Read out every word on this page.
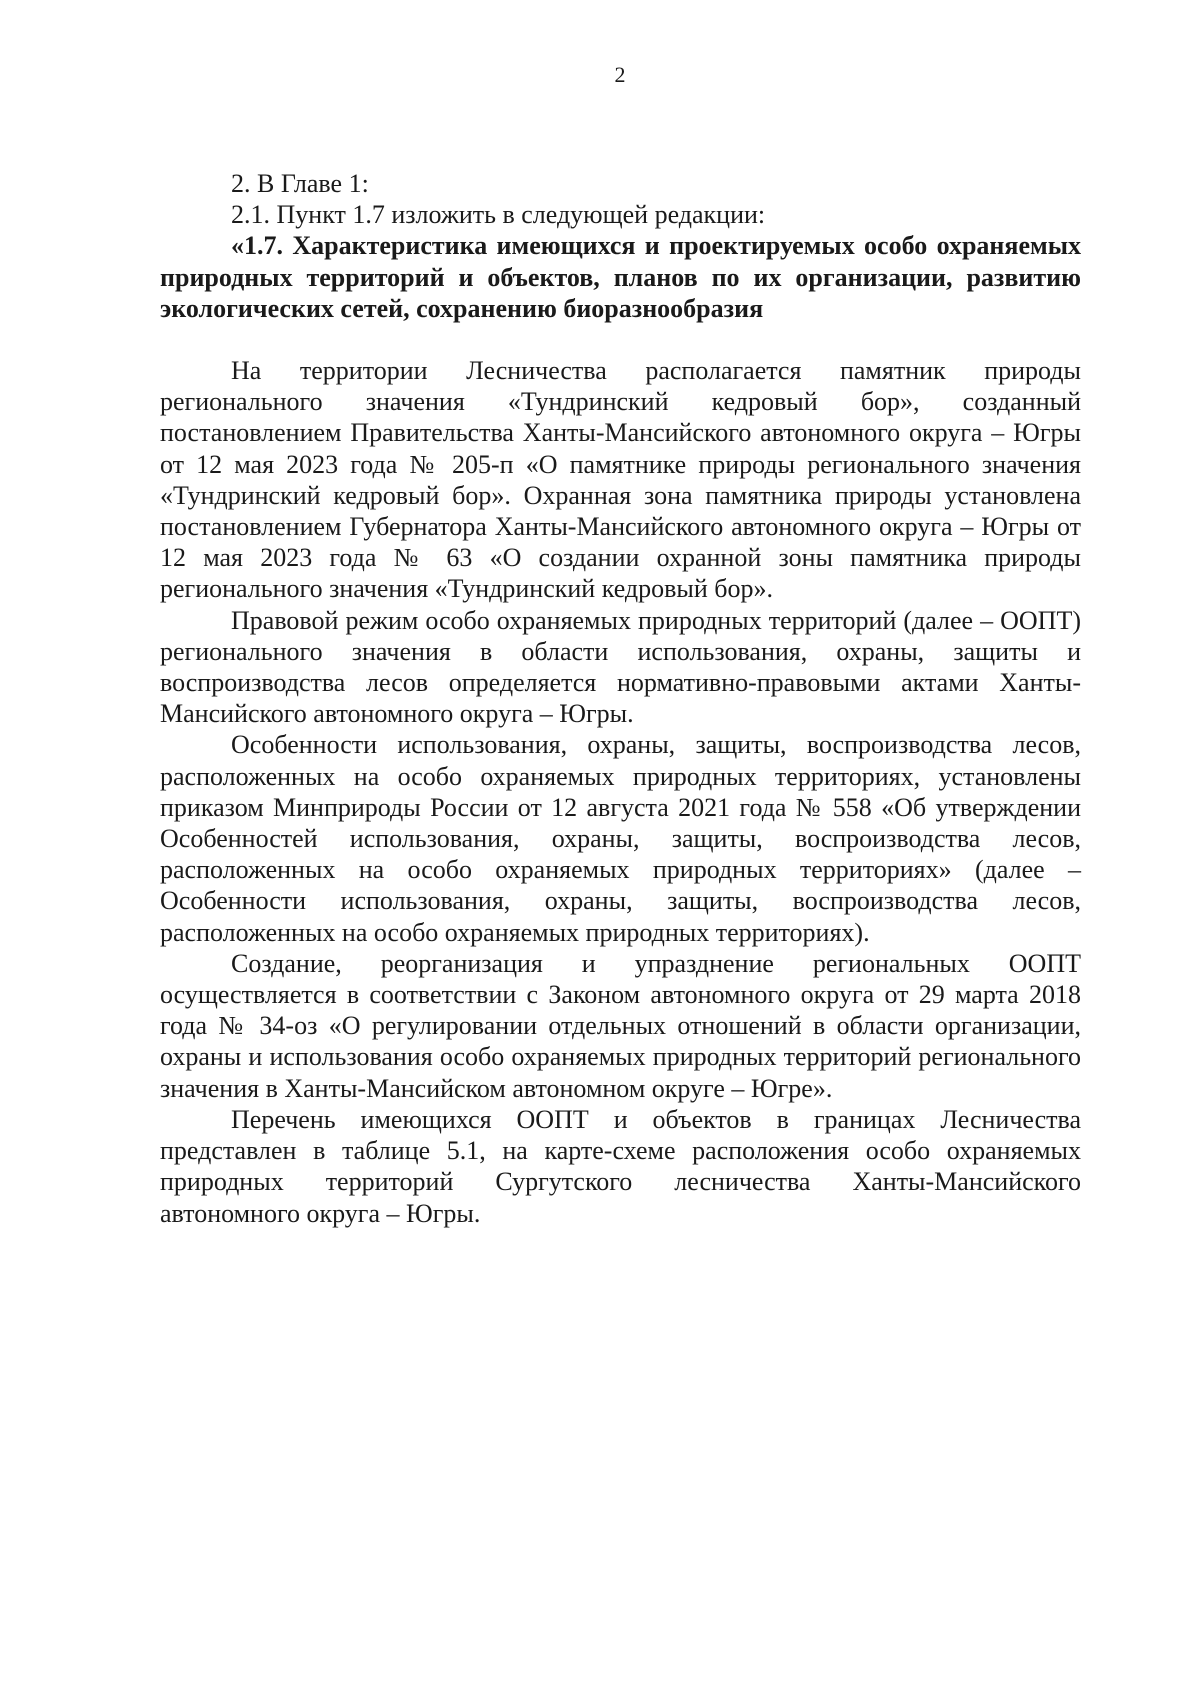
2

2. В Главе 1:

2.1. Пункт 1.7 изложить в следующей редакции:

«1.7. Характеристика имеющихся и проектируемых особо охраняемых природных территорий и объектов, планов по их организации, развитию экологических сетей, сохранению биоразнообразия

На территории Лесничества располагается памятник природы регионального значения «Тундринский кедровый бор», созданный постановлением Правительства Ханты-Мансийского автономного округа – Югры от 12 мая 2023 года № 205-п «О памятнике природы регионального значения «Тундринский кедровый бор». Охранная зона памятника природы установлена постановлением Губернатора Ханты-Мансийского автономного округа – Югры от 12 мая 2023 года № 63 «О создании охранной зоны памятника природы регионального значения «Тундринский кедровый бор».

Правовой режим особо охраняемых природных территорий (далее – ООПТ) регионального значения в области использования, охраны, защиты и воспроизводства лесов определяется нормативно-правовыми актами Ханты-Мансийского автономного округа – Югры.

Особенности использования, охраны, защиты, воспроизводства лесов, расположенных на особо охраняемых природных территориях, установлены приказом Минприроды России от 12 августа 2021 года № 558 «Об утверждении Особенностей использования, охраны, защиты, воспроизводства лесов, расположенных на особо охраняемых природных территориях» (далее – Особенности использования, охраны, защиты, воспроизводства лесов, расположенных на особо охраняемых природных территориях).

Создание, реорганизация и упразднение региональных ООПТ осуществляется в соответствии с Законом автономного округа от 29 марта 2018 года № 34-оз «О регулировании отдельных отношений в области организации, охраны и использования особо охраняемых природных территорий регионального значения в Ханты-Мансийском автономном округе – Югре».

Перечень имеющихся ООПТ и объектов в границах Лесничества представлен в таблице 5.1, на карте-схеме расположения особо охраняемых природных территорий Сургутского лесничества Ханты-Мансийского автономного округа – Югры.
